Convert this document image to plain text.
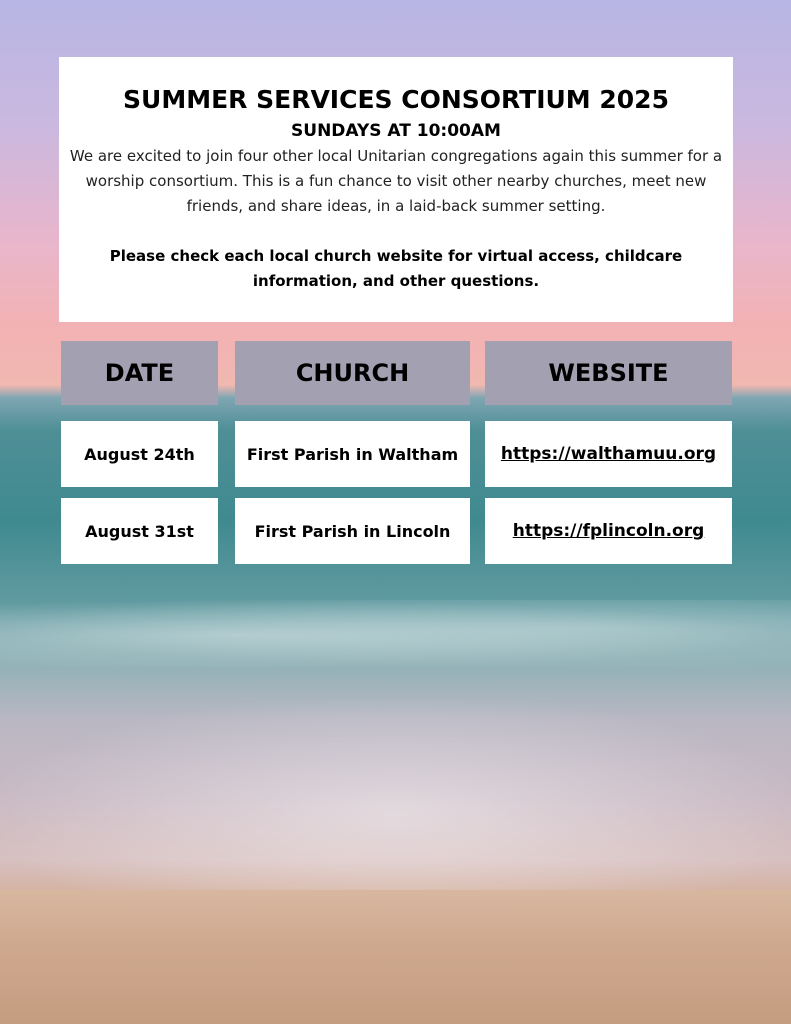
SUMMER SERVICES CONSORTIUM 2025
SUNDAYS AT 10:00AM

We are excited to join four other local Unitarian congregations again this summer for a worship consortium. This is a fun chance to visit other nearby churches, meet new friends, and share ideas, in a laid-back summer setting.

Please check each local church website for virtual access, childcare information, and other questions.

DATE	CHURCH	WEBSITE
August 24th	First Parish in Waltham	https://walthamuu.org
August 31st	First Parish in Lincoln	https://fplincoln.org
